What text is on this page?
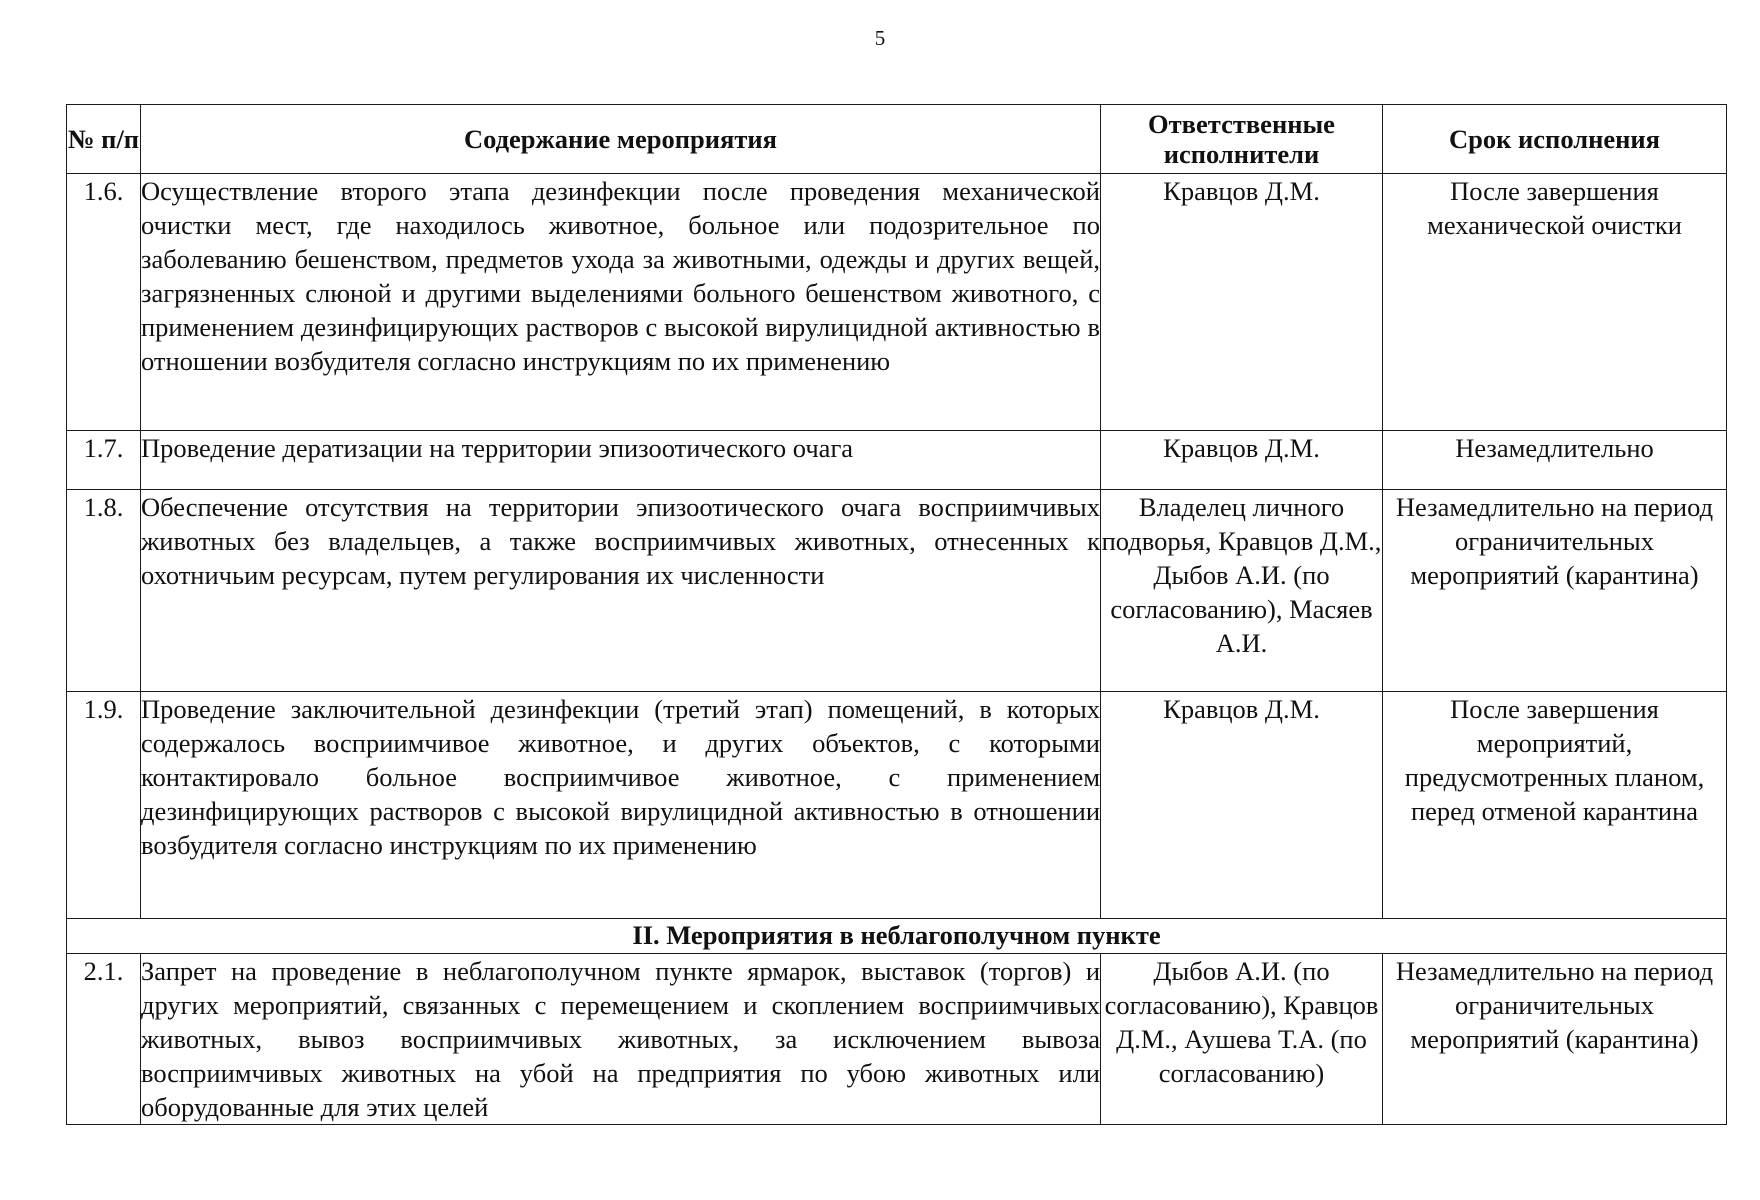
5
№ п/п	Содержание мероприятия	Ответственные исполнители	Срок исполнения
1.6.	Осуществление второго этапа дезинфекции после проведения механической очистки мест, где находилось животное, больное или подозрительное по заболеванию бешенством, предметов ухода за животными, одежды и других вещей, загрязненных слюной и другими выделениями больного бешенством животного, с применением дезинфицирующих растворов с высокой вирулицидной активностью в отношении возбудителя согласно инструкциям по их применению	Кравцов Д.М.	После завершения механической очистки
1.7.	Проведение дератизации на территории эпизоотического очага	Кравцов Д.М.	Незамедлительно
1.8.	Обеспечение отсутствия на территории эпизоотического очага восприимчивых животных без владельцев, а также восприимчивых животных, отнесенных к охотничьим ресурсам, путем регулирования их численности	Владелец личного подворья, Кравцов Д.М., Дыбов А.И. (по согласованию), Масяев А.И.	Незамедлительно на период ограничительных мероприятий (карантина)
1.9.	Проведение заключительной дезинфекции (третий этап) помещений, в которых содержалось восприимчивое животное, и других объектов, с которыми контактировало больное восприимчивое животное, с применением дезинфицирующих растворов с высокой вирулицидной активностью в отношении возбудителя согласно инструкциям по их применению	Кравцов Д.М.	После завершения мероприятий, предусмотренных планом, перед отменой карантина
II. Мероприятия в неблагополучном пункте			
2.1.	Запрет на проведение в неблагополучном пункте ярмарок, выставок (торгов) и других мероприятий, связанных с перемещением и скоплением восприимчивых животных, вывоз восприимчивых животных, за исключением вывоза восприимчивых животных на убой на предприятия по убою животных или оборудованные для этих целей	Дыбов А.И. (по согласованию), Кравцов Д.М., Аушева Т.А. (по согласованию)	Незамедлительно на период ограничительных мероприятий (карантина)
